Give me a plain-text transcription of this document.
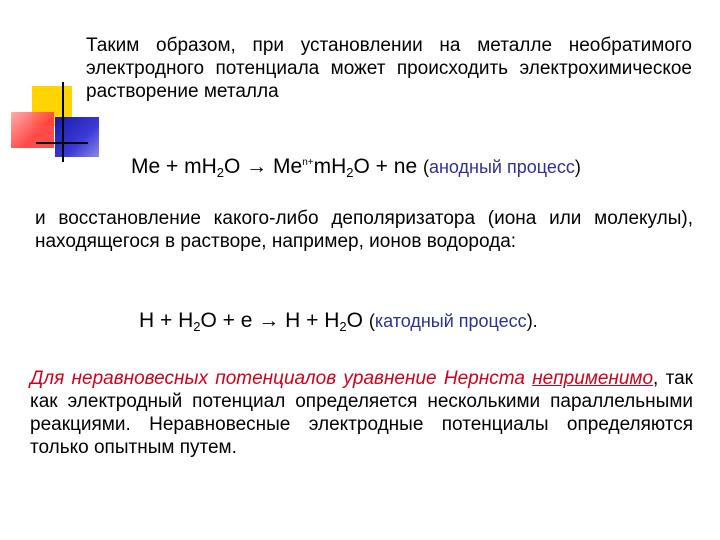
Таким образом, при установлении на металле необратимого электродного потенциала может происходить электрохимическое растворение металла

$Me + mH_2O \to Me^{n+}mH_2O$ + ne (анодный процесс)

и восстановление какого-либо деполяризатора (иона или молекулы), находящегося в растворе, например, ионов водорода:

$H + H_2O + e \to H + H_2O$ (катодный процесс).

Для неравновесных потенциалов уравнение Нернста неприменимо, так как электродный потенциал определяется несколькими параллельными реакциями. Неравновесные электродные потенциалы определяются только опытным путем.
